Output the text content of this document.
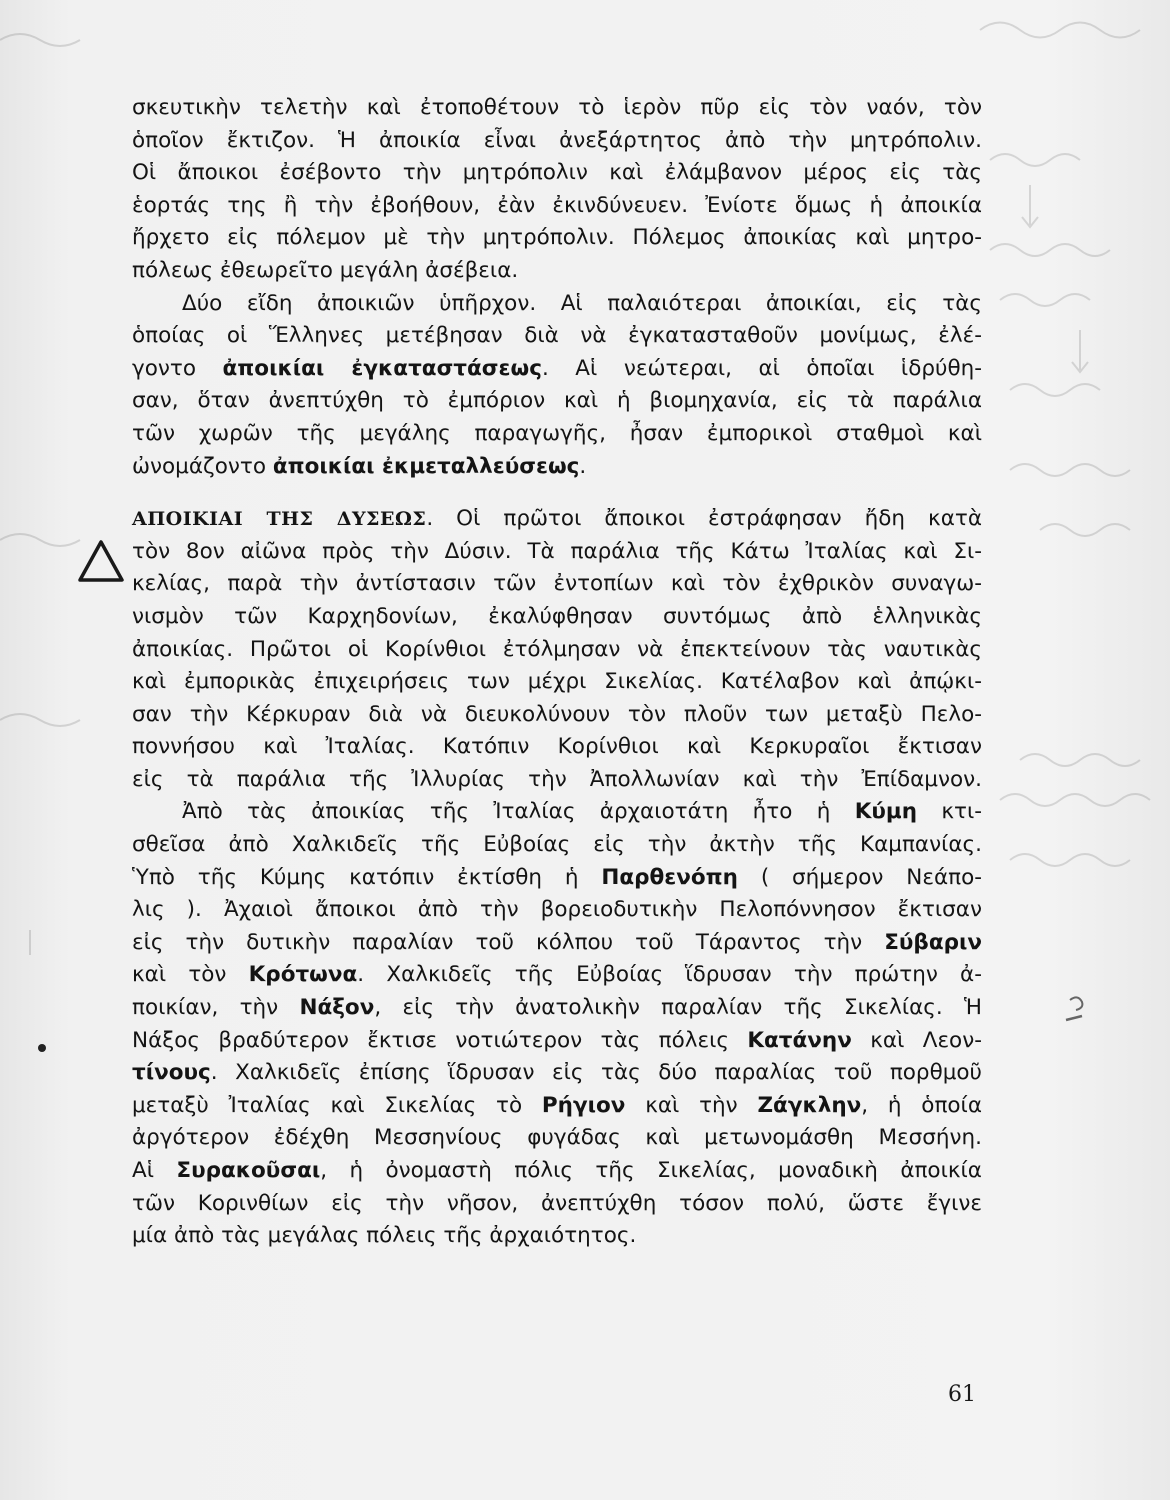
σκευτικὴν τελετὴν καὶ ἐτοποθέτουν τὸ ἱερὸν πῦρ εἰς τὸν ναόν, τὸν
ὁποῖον ἔκτιζον. Ἡ ἀποικία εἶναι ἀνεξάρτητος ἀπὸ τὴν μητρόπολιν.
Οἱ ἄποικοι ἐσέβοντο τὴν μητρόπολιν καὶ ἐλάμβανον μέρος εἰς τὰς
ἑορτάς της ἢ τὴν ἐβοήθουν, ἐὰν ἐκινδύνευεν. Ἐνίοτε ὅμως ἡ ἀποικία
ἤρχετο εἰς πόλεμον μὲ τὴν μητρόπολιν. Πόλεμος ἀποικίας καὶ μητρο-
πόλεως ἐθεωρεῖτο μεγάλη ἀσέβεια.
Δύο εἴδη ἀποικιῶν ὑπῆρχον. Αἱ παλαιότεραι ἀποικίαι, εἰς τὰς
ὁποίας οἱ Ἕλληνες μετέβησαν διὰ νὰ ἐγκατασταθοῦν μονίμως, ἐλέ-
γοντο ἀποικίαι ἐγκαταστάσεως. Αἱ νεώτεραι, αἱ ὁποῖαι ἱδρύθη-
σαν, ὅταν ἀνεπτύχθη τὸ ἐμπόριον καὶ ἡ βιομηχανία, εἰς τὰ παράλια
τῶν χωρῶν τῆς μεγάλης παραγωγῆς, ἦσαν ἐμπορικοὶ σταθμοὶ καὶ
ὠνομάζοντο ἀποικίαι ἐκμεταλλεύσεως.
ΑΠΟΙΚΙΑΙ ΤΗΣ ΔΥΣΕΩΣ. Οἱ πρῶτοι ἄποικοι ἐστράφησαν ἤδη κατὰ
τὸν 8ον αἰῶνα πρὸς τὴν Δύσιν. Τὰ παράλια τῆς Κάτω Ἰταλίας καὶ Σι-
κελίας, παρὰ τὴν ἀντίστασιν τῶν ἐντοπίων καὶ τὸν ἐχθρικὸν συναγω-
νισμὸν τῶν Καρχηδονίων, ἐκαλύφθησαν συντόμως ἀπὸ ἑλληνικὰς
ἀποικίας. Πρῶτοι οἱ Κορίνθιοι ἐτόλμησαν νὰ ἐπεκτείνουν τὰς ναυτικὰς
καὶ ἐμπορικὰς ἐπιχειρήσεις των μέχρι Σικελίας. Κατέλαβον καὶ ἀπῴκι-
σαν τὴν Κέρκυραν διὰ νὰ διευκολύνουν τὸν πλοῦν των μεταξὺ Πελο-
ποννήσου καὶ Ἰταλίας. Κατόπιν Κορίνθιοι καὶ Κερκυραῖοι ἔκτισαν
εἰς τὰ παράλια τῆς Ἰλλυρίας τὴν Ἀπολλωνίαν καὶ τὴν Ἐπίδαμνον.
Ἀπὸ τὰς ἀποικίας τῆς Ἰταλίας ἀρχαιοτάτη ἦτο ἡ Κύμη κτι-
σθεῖσα ἀπὸ Χαλκιδεῖς τῆς Εὐβοίας εἰς τὴν ἀκτὴν τῆς Καμπανίας.
Ὑπὸ τῆς Κύμης κατόπιν ἐκτίσθη ἡ Παρθενόπη ( σήμερον Νεάπο-
λις ). Ἀχαιοὶ ἄποικοι ἀπὸ τὴν βορειοδυτικὴν Πελοπόννησον ἔκτισαν
εἰς τὴν δυτικὴν παραλίαν τοῦ κόλπου τοῦ Τάραντος τὴν Σύβαριν
καὶ τὸν Κρότωνα. Χαλκιδεῖς τῆς Εὐβοίας ἵδρυσαν τὴν πρώτην ἀ-
ποικίαν, τὴν Νάξον, εἰς τὴν ἀνατολικὴν παραλίαν τῆς Σικελίας. Ἡ
Νάξος βραδύτερον ἔκτισε νοτιώτερον τὰς πόλεις Κατάνην καὶ Λεον-
τίνους. Χαλκιδεῖς ἐπίσης ἵδρυσαν εἰς τὰς δύο παραλίας τοῦ πορθμοῦ
μεταξὺ Ἰταλίας καὶ Σικελίας τὸ Ρήγιον καὶ τὴν Ζάγκλην, ἡ ὁποία
ἀργότερον ἐδέχθη Μεσσηνίους φυγάδας καὶ μετωνομάσθη Μεσσήνη.
Αἱ Συρακοῦσαι, ἡ ὀνομαστὴ πόλις τῆς Σικελίας, μοναδικὴ ἀποικία
τῶν Κορινθίων εἰς τὴν νῆσον, ἀνεπτύχθη τόσον πολύ, ὥστε ἔγινε
μία ἀπὸ τὰς μεγάλας πόλεις τῆς ἀρχαιότητος.
61
